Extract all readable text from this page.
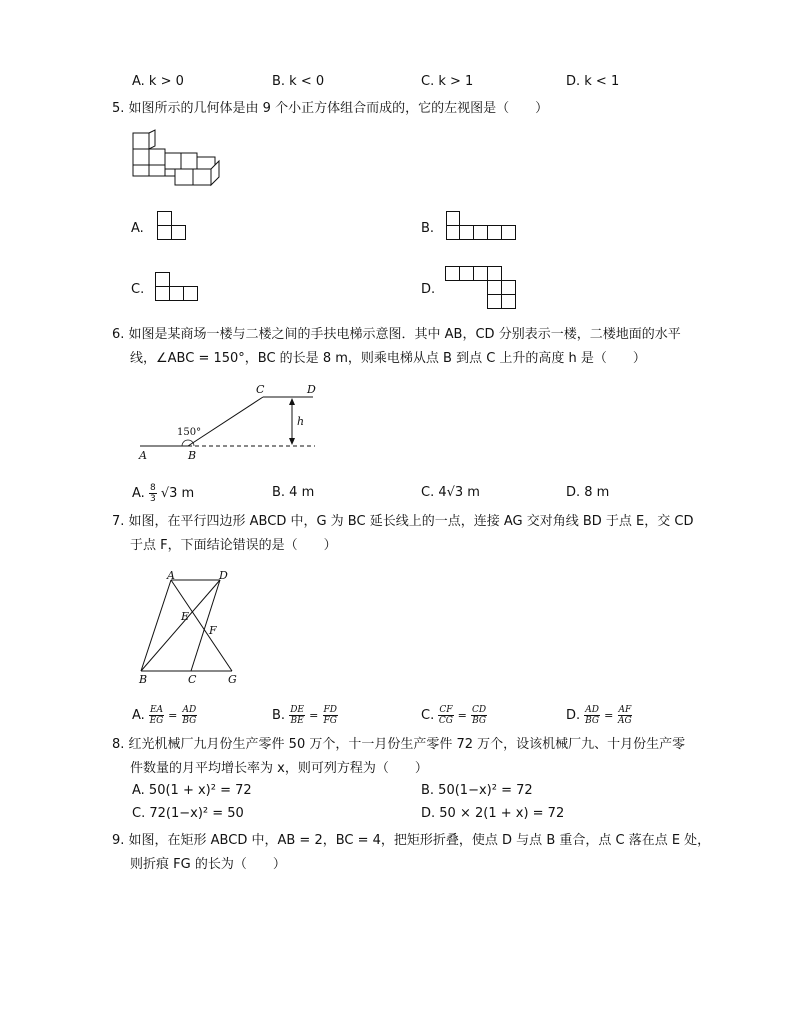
A. k > 0	B. k < 0	C. k > 1	D. k < 1
5. 如图所示的几何体是由 9 个小正方体组合而成的，它的左视图是（　　）
A.	B.
C.	D.
6. 如图是某商场一楼与二楼之间的手扶电梯示意图．其中 AB，CD 分别表示一楼，二楼地面的水平
线，∠ABC = 150°，BC 的长是 8 m，则乘电梯从点 B 到点 C 上升的高度 h 是（　　）
A	B
C	D
h
150°
A. $\frac{8}{3} √3$ m	B. 4 m	C. 4√3 m	D. 8 m
7. 如图，在平行四边形 ABCD 中，G 为 BC 延长线上的一点，连接 AG 交对角线 BD 于点 E，交 CD
于点 F，下面结论错误的是（　　）
A	D
E
F
B	C	G
A. $\frac{EA}{EG} = \frac{AD}{BG}$	B. $\frac{DE}{BE} = \frac{FD}{FG}$	C. $\frac{CF}{CG} = \frac{CD}{BG}$	D. $\frac{AD}{BG} = \frac{AF}{AG}$
8. 红光机械厂九月份生产零件 50 万个，十一月份生产零件 72 万个，设该机械厂九、十月份生产零
件数量的月平均增长率为 x，则可列方程为（　　）
A. 50(1 + x)² = 72	B. 50(1−x)² = 72
C. 72(1−x)² = 50	D. 50 × 2(1 + x) = 72
9. 如图，在矩形 ABCD 中，AB = 2，BC = 4，把矩形折叠，使点 D 与点 B 重合，点 C 落在点 E 处，
则折痕 FG 的长为（　　）
